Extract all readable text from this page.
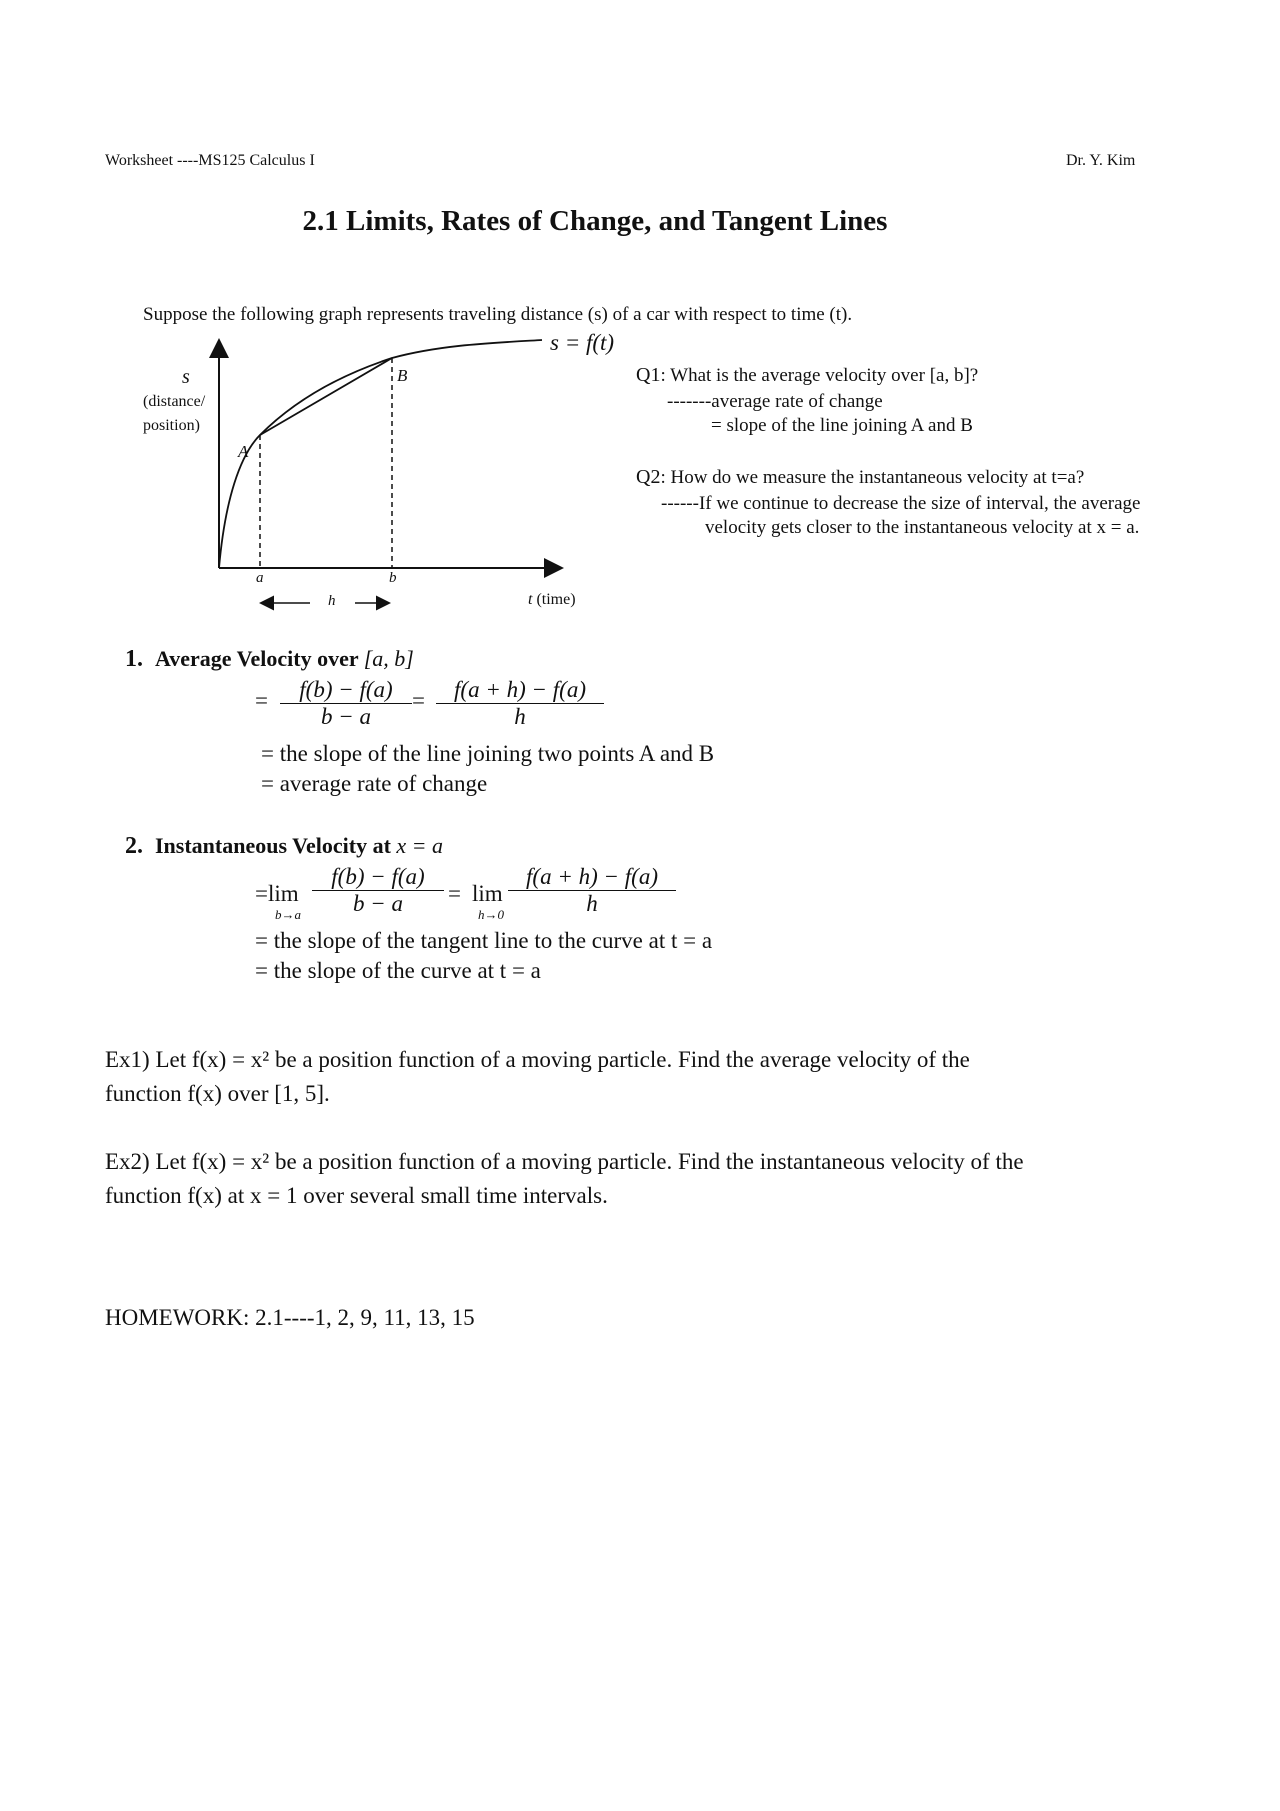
Worksheet ----MS125 Calculus I	Dr. Y. Kim
2.1 Limits, Rates of Change, and Tangent Lines
Suppose the following graph represents traveling distance (s) of a car with respect to time (t).
s = f(t)
s
(distance/
position)
A
B
a	b
h	t (time)
Q1: What is the average velocity over [a, b]?
-------average rate of change
= slope of the line joining A and B
Q2: How do we measure the instantaneous velocity at t=a?
------If we continue to decrease the size of interval, the average
velocity gets closer to the instantaneous velocity at x = a.
1. Average Velocity over [a, b]
=	f(b) − f(a)
b − a
=	f(a + h) − f(a)
h
= the slope of the line joining two points A and B
= average rate of change
2. Instantaneous Velocity at x = a
=lim
b→a
f(b) − f(a)
b − a	= lim
h→0
f(a + h) − f(a)
h
= the slope of the tangent line to the curve at t = a
= the slope of the curve at t = a
Ex1) Let f(x) = x² be a position function of a moving particle. Find the average velocity of the
function f(x) over [1, 5].
Ex2) Let f(x) = x² be a position function of a moving particle. Find the instantaneous velocity of the
function f(x) at x = 1 over several small time intervals.
HOMEWORK: 2.1----1, 2, 9, 11, 13, 15
